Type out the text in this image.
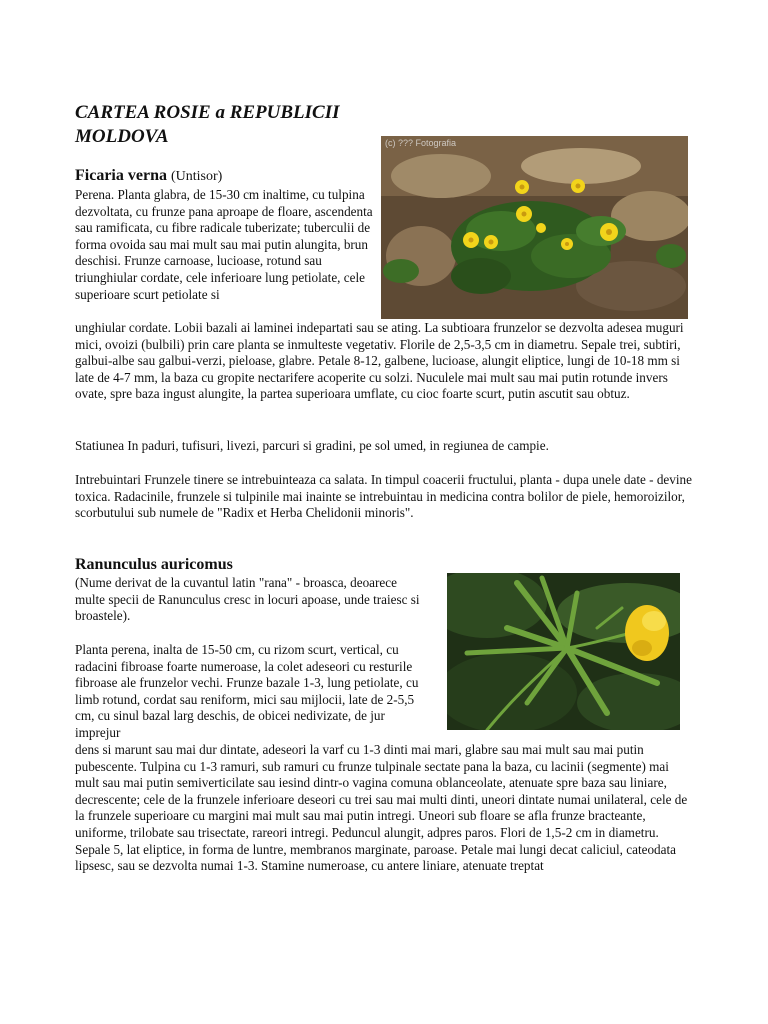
CARTEA ROSIE a REPUBLICII MOLDOVA
Ficaria verna (Untisor)
(c) ??? Fotografia

Perena. Planta glabra, de 15-30 cm inaltime, cu tulpina dezvoltata, cu frunze pana aproape de floare, ascendenta sau ramificata, cu fibre radicale tuberizate; tuberculii de forma ovoida sau mai mult sau mai putin alungita, brun deschisi. Frunze carnoase, lucioase, rotund sau triunghiular cordate, cele inferioare lung petiolate, cele superioare scurt petiolate si

unghiular cordate. Lobii bazali ai laminei indepartati sau se ating. La subtioara frunzelor se dezvolta adesea muguri mici, ovoizi (bulbili) prin care planta se inmulteste vegetativ. Florile de 2,5-3,5 cm in diametru. Sepale trei, subtiri, galbui-albe sau galbui-verzi, pieloase, glabre. Petale 8-12, galbene, lucioase, alungit eliptice, lungi de 10-18 mm si late de 4-7 mm, la baza cu gropite nectarifere acoperite cu solzi. Nuculele mai mult sau mai putin rotunde invers ovate, spre baza ingust alungite, la partea superioara umflate, cu cioc foarte scurt, putin ascutit sau obtuz.

Statiunea In paduri, tufisuri, livezi, parcuri si gradini, pe sol umed, in regiunea de campie.

Intrebuintari Frunzele tinere se intrebuinteaza ca salata. In timpul coacerii fructului, planta - dupa unele date - devine toxica. Radacinile, frunzele si tulpinile mai inainte se intrebuintau in medicina contra bolilor de piele, hemoroizilor, scorbutului sub numele de "Radix et Herba Chelidonii minoris".

Ranunculus auricomus

(Nume derivat de la cuvantul latin "rana" - broasca, deoarece multe specii de Ranunculus cresc in locuri apoase, unde traiesc si broastele).

Planta perena, inalta de 15-50 cm, cu rizom scurt, vertical, cu radacini fibroase foarte numeroase, la colet adeseori cu resturile fibroase ale frunzelor vechi. Frunze bazale 1-3, lung petiolate, cu limb rotund, cordat sau reniform, mici sau mijlocii, late de 2-5,5 cm, cu sinul bazal larg deschis, de obicei nedivizate, de jur imprejur

dens si marunt sau mai dur dintate, adeseori la varf cu 1-3 dinti mai mari, glabre sau mai mult sau mai putin pubescente. Tulpina cu 1-3 ramuri, sub ramuri cu frunze tulpinale sectate pana la baza, cu lacinii (segmente) mai mult sau mai putin semiverticilate sau iesind dintr-o vagina comuna oblanceolate, atenuate spre baza sau liniare, decrescente; cele de la frunzele inferioare deseori cu trei sau mai multi dinti, uneori dintate numai unilateral, cele de la frunzele superioare cu margini mai mult sau mai putin intregi. Uneori sub floare se afla frunze bracteante, uniforme, trilobate sau trisectate, rareori intregi. Peduncul alungit, adpres paros. Flori de 1,5-2 cm in diametru. Sepale 5, lat eliptice, in forma de luntre, membranos marginate, paroase. Petale mai lungi decat caliciul, cateodata lipsesc, sau se dezvolta numai 1-3. Stamine numeroase, cu antere liniare, atenuate treptat
